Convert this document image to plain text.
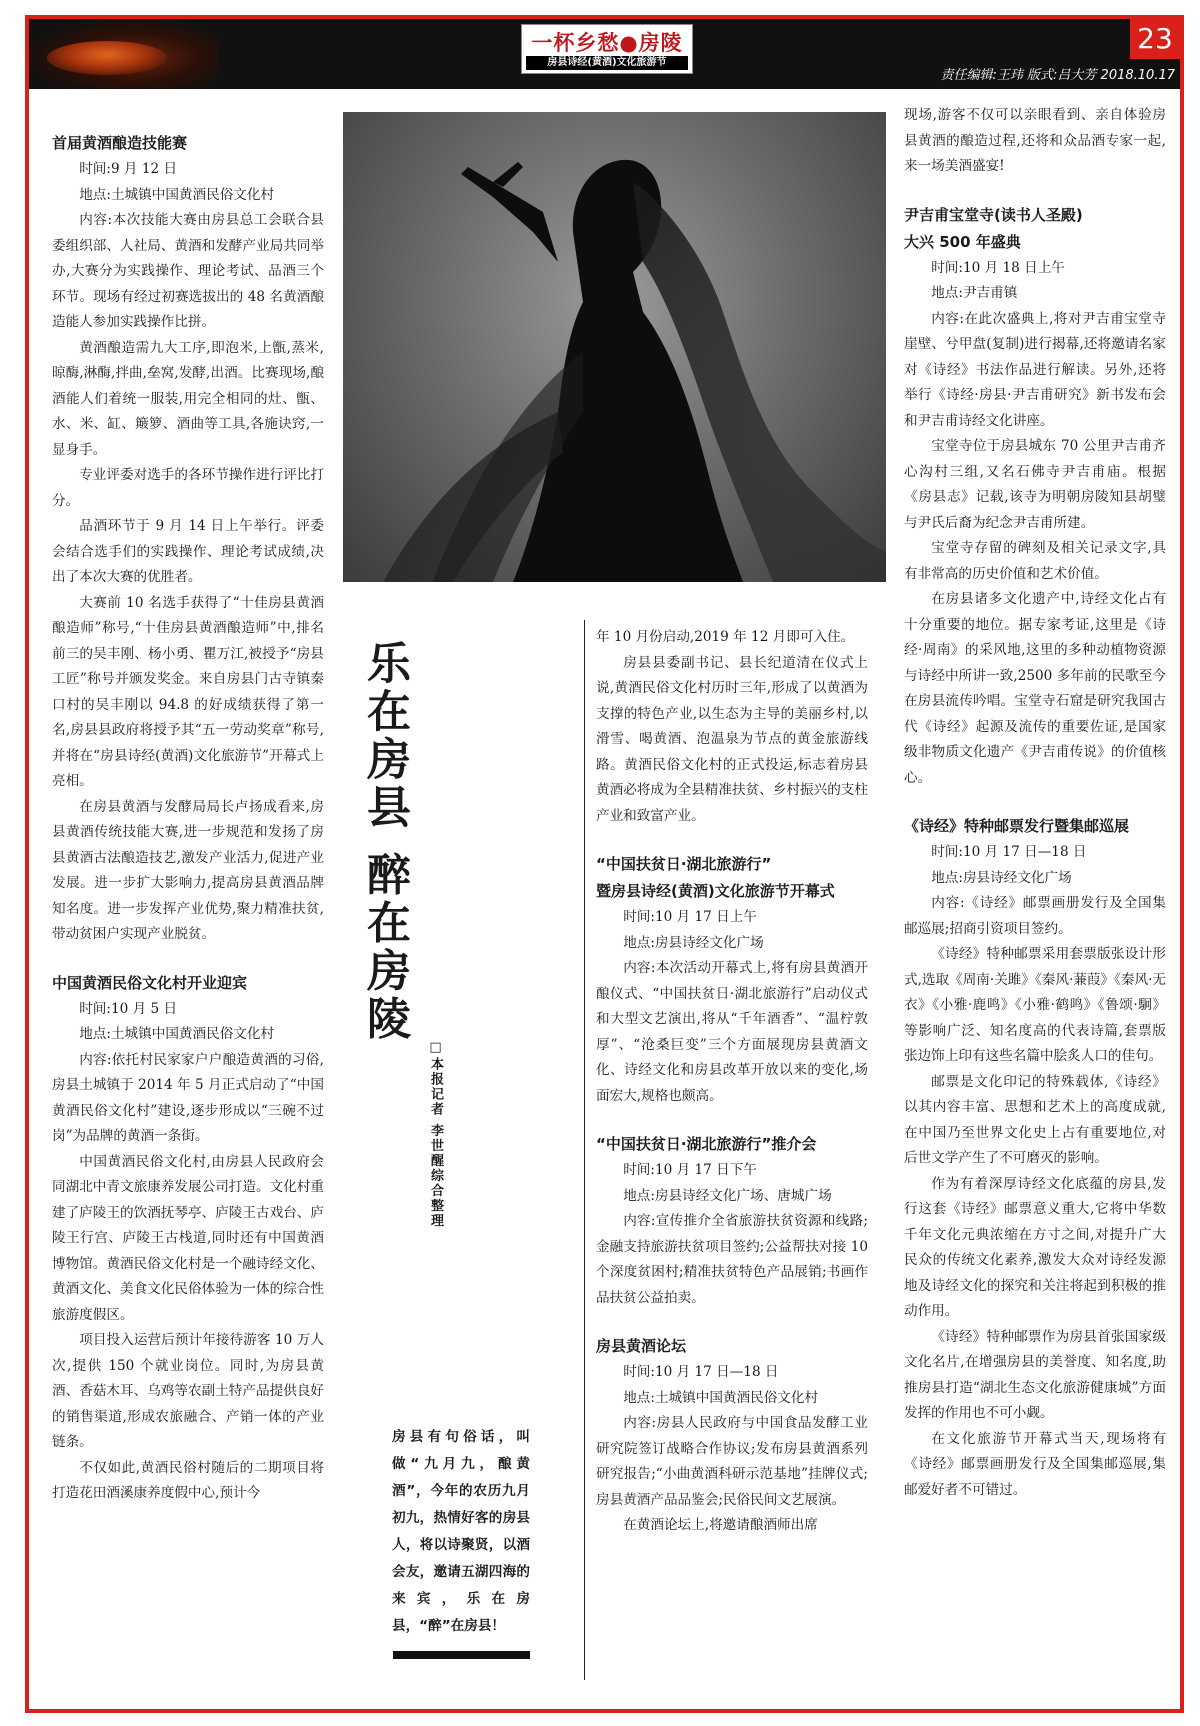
一杯乡愁●房陵
房县诗经(黄酒)文化旅游节
23
责任编辑:王玮 版式:吕大芳 2018.10.17
首届黄酒酿造技能赛

时间:9 月 12 日

地点:土城镇中国黄酒民俗文化村

内容:本次技能大赛由房县总工会联合县委组织部、人社局、黄酒和发酵产业局共同举办,大赛分为实践操作、理论考试、品酒三个环节。现场有经过初赛选拔出的 48 名黄酒酿造能人参加实践操作比拼。

黄酒酿造需九大工序,即泡米,上甑,蒸米,晾酶,淋酶,拌曲,垒窝,发酵,出酒。比赛现场,酿酒能人们着统一服装,用完全相同的灶、甑、水、米、缸、簸箩、酒曲等工具,各施诀窍,一显身手。

专业评委对选手的各环节操作进行评比打分。

品酒环节于 9 月 14 日上午举行。评委会结合选手们的实践操作、理论考试成绩,决出了本次大赛的优胜者。

大赛前 10 名选手获得了“十佳房县黄酒酿造师”称号,“十佳房县黄酒酿造师”中,排名前三的吴丰刚、杨小勇、瞿万江,被授予“房县工匠”称号并颁发奖金。来自房县门古寺镇秦口村的吴丰刚以 94.8 的好成绩获得了第一名,房县县政府将授予其“五一劳动奖章”称号,并将在“房县诗经(黄酒)文化旅游节”开幕式上亮相。

在房县黄酒与发酵局局长卢扬成看来,房县黄酒传统技能大赛,进一步规范和发扬了房县黄酒古法酿造技艺,激发产业活力,促进产业发展。进一步扩大影响力,提高房县黄酒品牌知名度。进一步发挥产业优势,聚力精准扶贫,带动贫困户实现产业脱贫。

中国黄酒民俗文化村开业迎宾

时间:10 月 5 日

地点:土城镇中国黄酒民俗文化村

内容:依托村民家家户户酿造黄酒的习俗,房县土城镇于 2014 年 5 月正式启动了“中国黄酒民俗文化村”建设,逐步形成以“三碗不过岗”为品牌的黄酒一条街。

中国黄酒民俗文化村,由房县人民政府会同湖北中青文旅康养发展公司打造。文化村重建了庐陵王的饮酒抚琴亭、庐陵王古戏台、庐陵王行宫、庐陵王古栈道,同时还有中国黄酒博物馆。黄酒民俗文化村是一个融诗经文化、黄酒文化、美食文化民俗体验为一体的综合性旅游度假区。

项目投入运营后预计年接待游客 10 万人次,提供 150 个就业岗位。同时,为房县黄酒、香菇木耳、乌鸡等农副土特产品提供良好的销售渠道,形成农旅融合、产销一体的产业链条。

不仅如此,黄酒民俗村随后的二期项目将打造花田酒溪康养度假中心,预计今

乐在房县 醉在房陵
□本报记者 李世醒综合整理
房县有句俗话，叫做“九月九，酿黄酒”，今年的农历九月初九，热情好客的房县人，将以诗聚贤，以酒会友，邀请五湖四海的来宾，乐在房县，“醉”在房县！

年 10 月份启动,2019 年 12 月即可入住。

房县县委副书记、县长纪道清在仪式上说,黄酒民俗文化村历时三年,形成了以黄酒为支撑的特色产业,以生态为主导的美丽乡村,以滑雪、喝黄酒、泡温泉为节点的黄金旅游线路。黄酒民俗文化村的正式投运,标志着房县黄酒必将成为全县精准扶贫、乡村振兴的支柱产业和致富产业。

“中国扶贫日·湖北旅游行”
暨房县诗经(黄酒)文化旅游节开幕式

时间:10 月 17 日上午

地点:房县诗经文化广场

内容:本次活动开幕式上,将有房县黄酒开酿仪式、“中国扶贫日·湖北旅游行”启动仪式和大型文艺演出,将从“千年酒香”、“温柠敦厚”、“沧桑巨变”三个方面展现房县黄酒文化、诗经文化和房县改革开放以来的变化,场面宏大,规格也颇高。

“中国扶贫日·湖北旅游行”推介会

时间:10 月 17 日下午

地点:房县诗经文化广场、唐城广场

内容:宣传推介全省旅游扶贫资源和线路;金融支持旅游扶贫项目签约;公益帮扶对接 10 个深度贫困村;精准扶贫特色产品展销;书画作品扶贫公益拍卖。

房县黄酒论坛

时间:10 月 17 日—18 日

地点:土城镇中国黄酒民俗文化村

内容:房县人民政府与中国食品发酵工业研究院签订战略合作协议;发布房县黄酒系列研究报告;“小曲黄酒科研示范基地”挂牌仪式;房县黄酒产品品鉴会;民俗民间文艺展演。

在黄酒论坛上,将邀请酿酒师出席

现场,游客不仅可以亲眼看到、亲自体验房县黄酒的酿造过程,还将和众品酒专家一起,来一场美酒盛宴!

尹吉甫宝堂寺(读书人圣殿)
大兴 500 年盛典

时间:10 月 18 日上午

地点:尹吉甫镇

内容:在此次盛典上,将对尹吉甫宝堂寺崖壁、兮甲盘(复制)进行揭幕,还将邀请名家对《诗经》书法作品进行解读。另外,还将举行《诗经·房县·尹吉甫研究》新书发布会和尹吉甫诗经文化讲座。

宝堂寺位于房县城东 70 公里尹吉甫齐心沟村三组,又名石佛寺尹吉甫庙。根据《房县志》记载,该寺为明朝房陵知县胡璧与尹氏后裔为纪念尹吉甫所建。

宝堂寺存留的碑刻及相关记录文字,具有非常高的历史价值和艺术价值。

在房县诸多文化遗产中,诗经文化占有十分重要的地位。据专家考证,这里是《诗经·周南》的采风地,这里的多种动植物资源与诗经中所讲一致,2500 多年前的民歌至今在房县流传吟唱。宝堂寺石窟是研究我国古代《诗经》起源及流传的重要佐证,是国家级非物质文化遗产《尹吉甫传说》的价值核心。

《诗经》特种邮票发行暨集邮巡展

时间:10 月 17 日—18 日

地点:房县诗经文化广场

内容:《诗经》邮票画册发行及全国集邮巡展;招商引资项目签约。

《诗经》特种邮票采用套票版张设计形式,选取《周南·关雎》《秦风·蒹葭》《秦风·无衣》《小雅·鹿鸣》《小雅·鹤鸣》《鲁颂·駉》等影响广泛、知名度高的代表诗篇,套票版张边饰上印有这些名篇中脍炙人口的佳句。

邮票是文化印记的特殊载体,《诗经》以其内容丰富、思想和艺术上的高度成就,在中国乃至世界文化史上占有重要地位,对后世文学产生了不可磨灭的影响。

作为有着深厚诗经文化底蕴的房县,发行这套《诗经》邮票意义重大,它将中华数千年文化元典浓缩在方寸之间,对提升广大民众的传统文化素养,激发大众对诗经发源地及诗经文化的探究和关注将起到积极的推动作用。

《诗经》特种邮票作为房县首张国家级文化名片,在增强房县的美誉度、知名度,助推房县打造“湖北生态文化旅游健康城”方面发挥的作用也不可小觑。

在文化旅游节开幕式当天,现场将有《诗经》邮票画册发行及全国集邮巡展,集邮爱好者不可错过。
